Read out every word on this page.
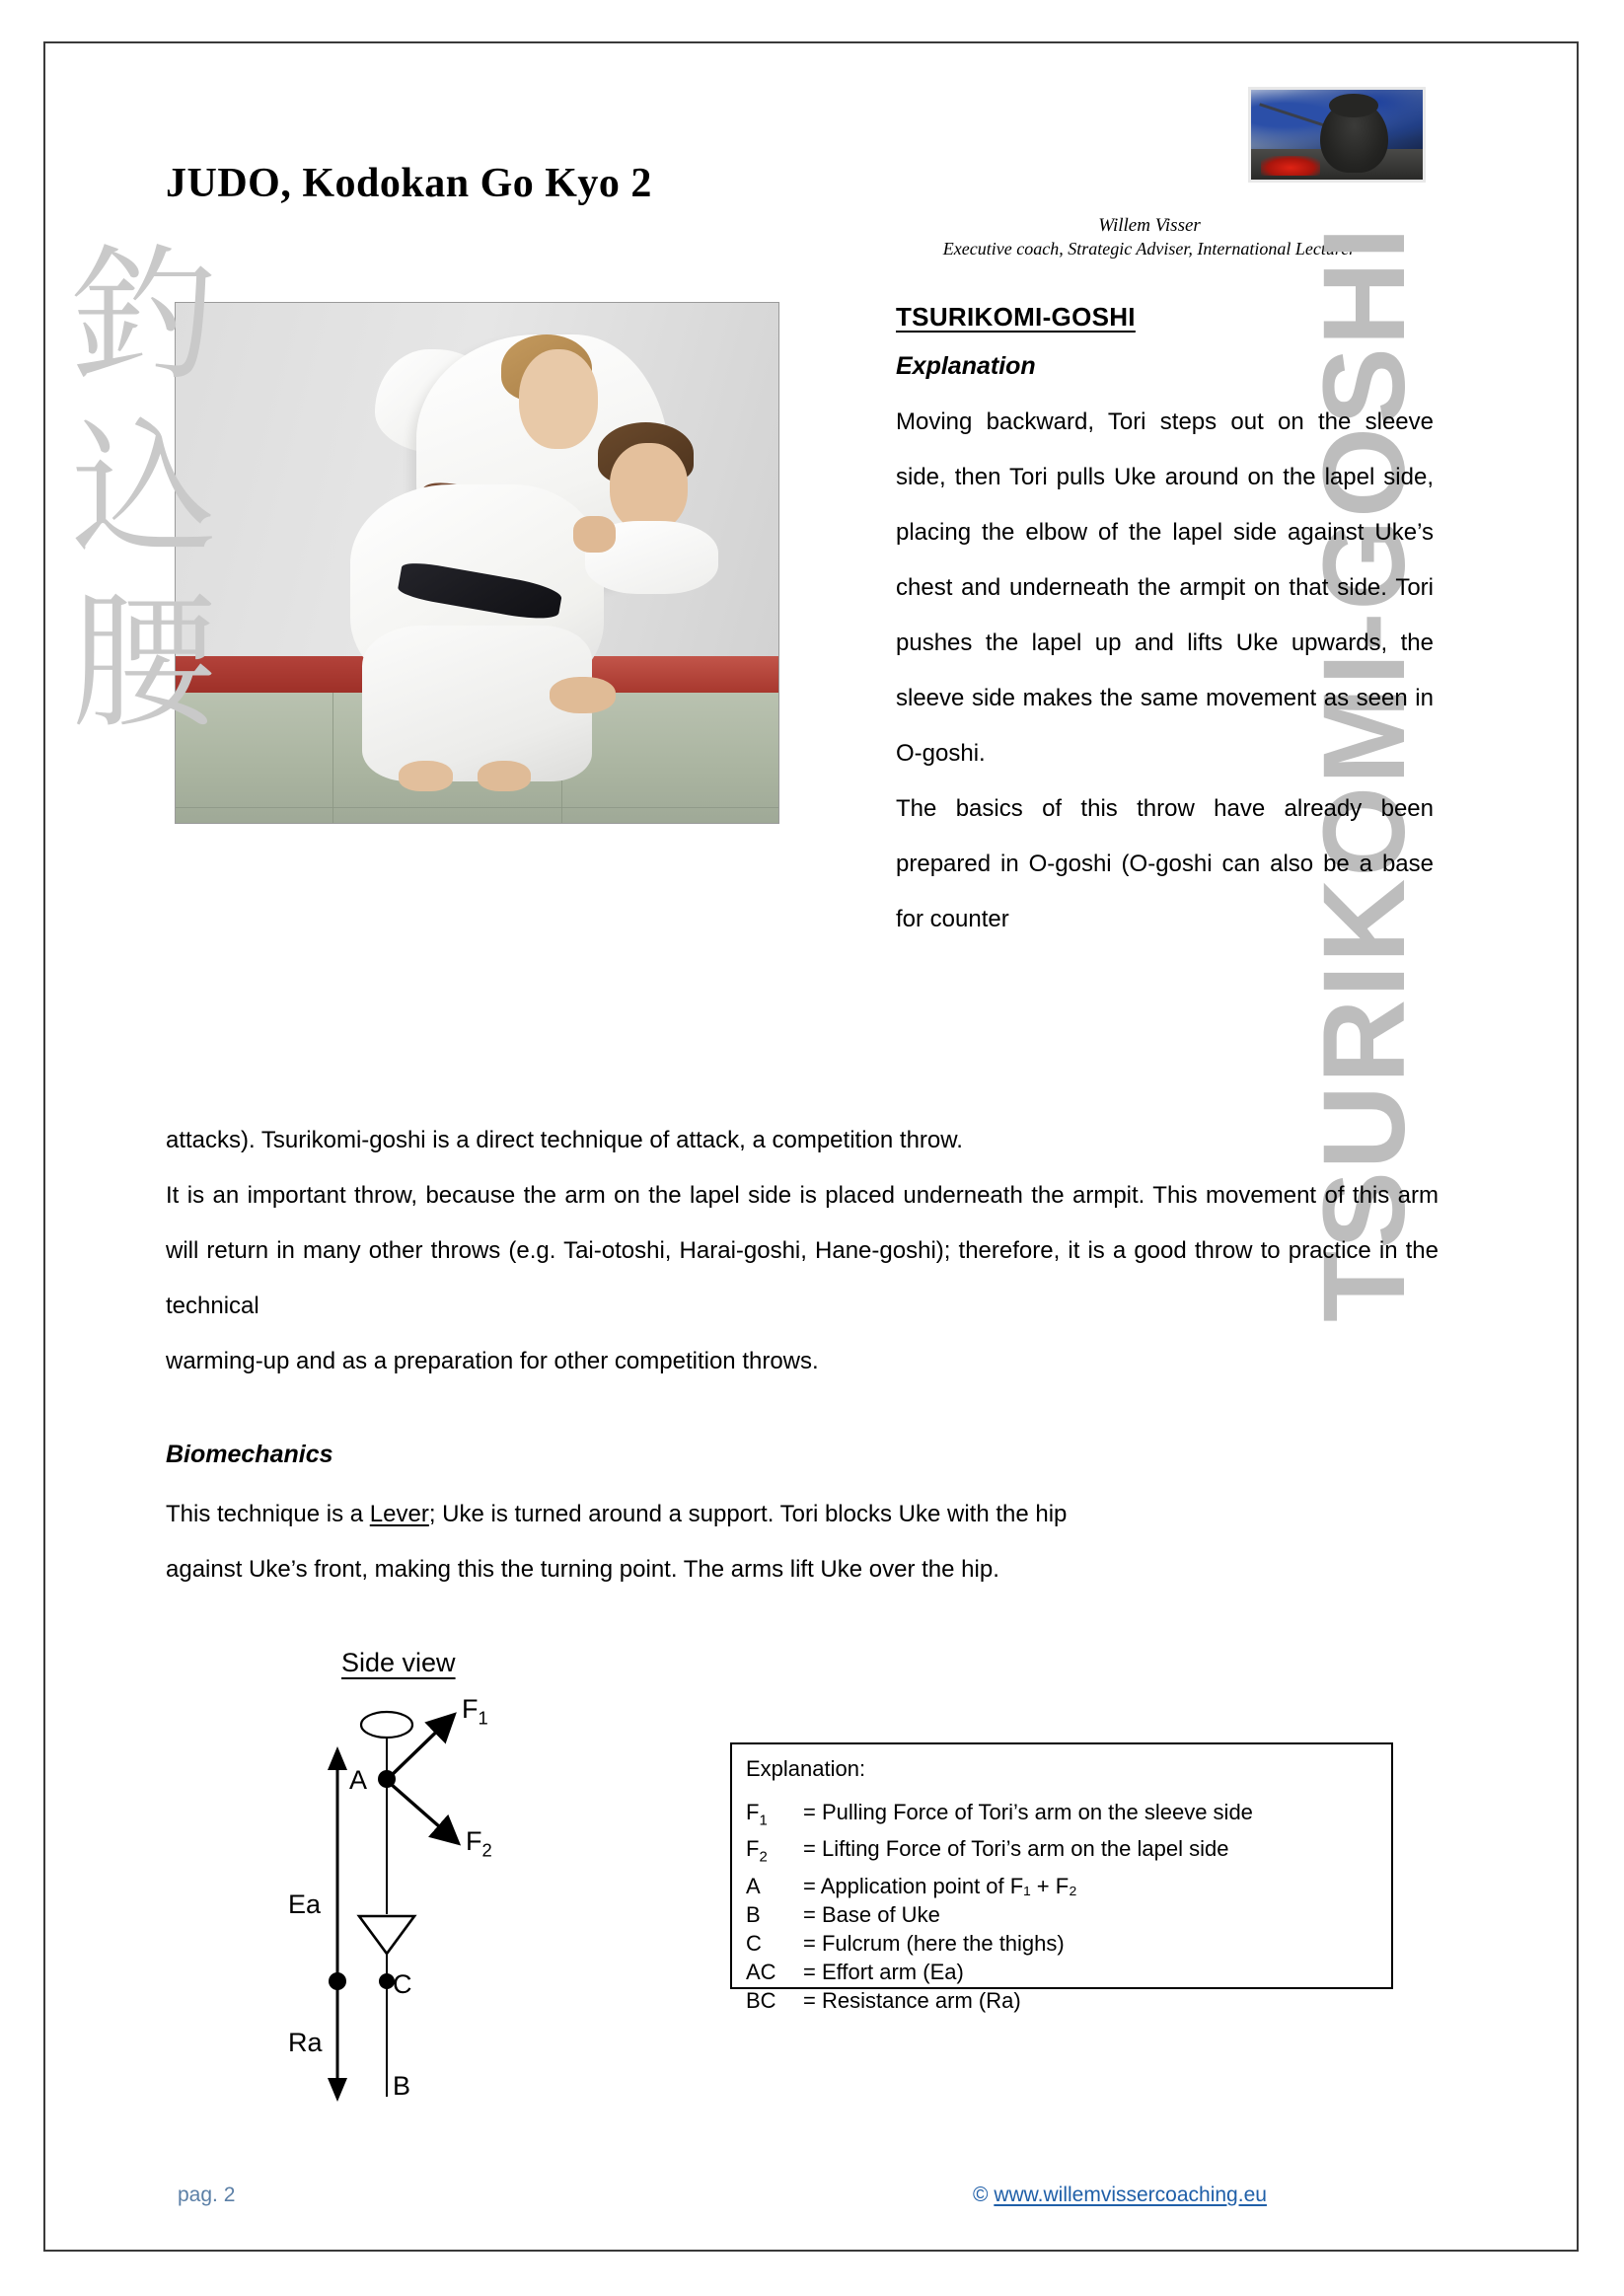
TSURIKOMI-GOSHI
釣
込
腰
JUDO, Kodokan Go Kyo 2
Willem Visser
Executive coach, Strategic Adviser, International Lecturer
TSURIKOMI-GOSHI
Explanation

Moving backward, Tori steps out on the sleeve side, then Tori pulls Uke around on the lapel side, placing the elbow of the lapel side against Uke’s chest and underneath the armpit on that side. Tori pushes the lapel up and lifts Uke upwards, the sleeve side makes the same movement as seen in O-goshi.

The basics of this throw have already been prepared in O-goshi (O-goshi can also be a base for counter

attacks). Tsurikomi-goshi is a direct technique of attack, a competition throw.

It is an important throw, because the arm on the lapel side is placed underneath the armpit. This movement of this arm will return in many other throws (e.g. Tai-otoshi, Harai-goshi, Hane-goshi); therefore, it is a good throw to practice in the technical

warming-up and as a preparation for other competition throws.

Biomechanics

This technique is a Lever; Uke is turned around a support. Tori blocks Uke with the hip

against Uke’s front, making this the turning point. The arms lift Uke over the hip.

Side view
A
C
B
$F_1$
$F_2$
Ea
Ra
Explanation:
$F_1$	= Pulling Force of Tori’s arm on the sleeve side
$F_2$	= Lifting Force of Tori’s arm on the lapel side
A	= Application point of F₁ + F₂
B	= Base of Uke
C	= Fulcrum (here the thighs)
AC	= Effort arm (Ea)
BC	= Resistance arm (Ra)
pag. 2	© www.willemvissercoaching.eu
